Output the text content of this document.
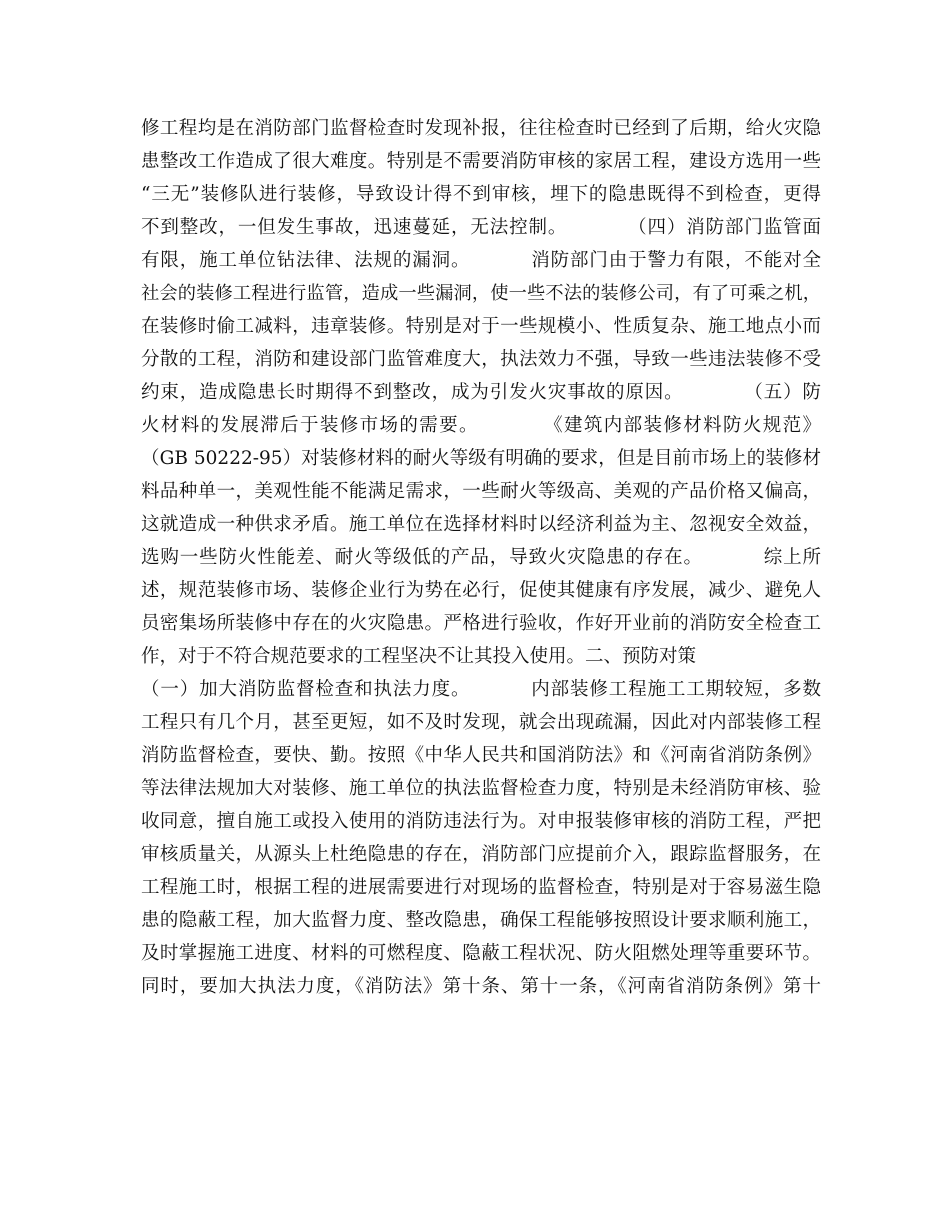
修工程均是在消防部门监督检查时发现补报，往往检查时已经到了后期，给火灾隐
患整改工作造成了很大难度。特别是不需要消防审核的家居工程，建设方选用一些
“三无”装修队进行装修，导致设计得不到审核，埋下的隐患既得不到检查，更得
不到整改，一但发生事故，迅速蔓延，无法控制。         （四）消防部门监管面
有限，施工单位钻法律、法规的漏洞。         消防部门由于警力有限，不能对全
社会的装修工程进行监管，造成一些漏洞，使一些不法的装修公司，有了可乘之机，
在装修时偷工减料，违章装修。特别是对于一些规模小、性质复杂、施工地点小而
分散的工程，消防和建设部门监管难度大，执法效力不强，导致一些违法装修不受
约束，造成隐患长时期得不到整改，成为引发火灾事故的原因。         （五）防
火材料的发展滞后于装修市场的需要。         《建筑内部装修材料防火规范》
（GB 50222-95）对装修材料的耐火等级有明确的要求，但是目前市场上的装修材
料品种单一，美观性能不能满足需求，一些耐火等级高、美观的产品价格又偏高，
这就造成一种供求矛盾。施工单位在选择材料时以经济利益为主、忽视安全效益，
选购一些防火性能差、耐火等级低的产品，导致火灾隐患的存在。         综上所
述，规范装修市场、装修企业行为势在必行，促使其健康有序发展，减少、避免人
员密集场所装修中存在的火灾隐患。严格进行验收，作好开业前的消防安全检查工
作，对于不符合规范要求的工程坚决不让其投入使用。二、预防对策
（一）加大消防监督检查和执法力度。         内部装修工程施工工期较短，多数
工程只有几个月，甚至更短，如不及时发现，就会出现疏漏，因此对内部装修工程
消防监督检查，要快、勤。按照《中华人民共和国消防法》和《河南省消防条例》
等法律法规加大对装修、施工单位的执法监督检查力度，特别是未经消防审核、验
收同意，擅自施工或投入使用的消防违法行为。对申报装修审核的消防工程，严把
审核质量关，从源头上杜绝隐患的存在，消防部门应提前介入，跟踪监督服务，在
工程施工时，根据工程的进展需要进行对现场的监督检查，特别是对于容易滋生隐
患的隐蔽工程，加大监督力度、整改隐患，确保工程能够按照设计要求顺利施工，
及时掌握施工进度、材料的可燃程度、隐蔽工程状况、防火阻燃处理等重要环节。
同时，要加大执法力度，《消防法》第十条、第十一条，《河南省消防条例》第十
